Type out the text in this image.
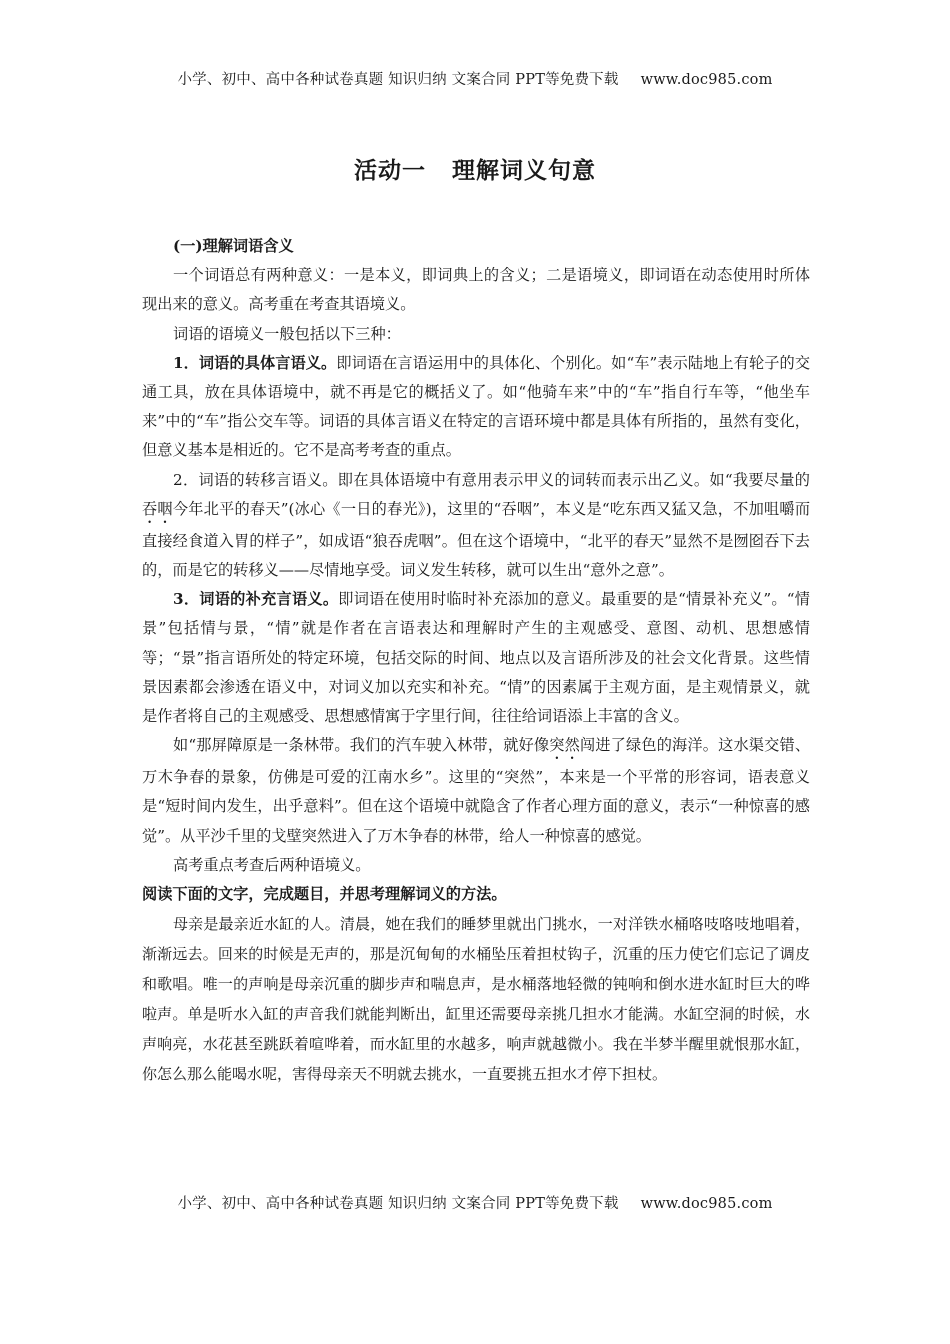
小学、初中、高中各种试卷真题 知识归纳 文案合同 PPT等免费下载 www.doc985.com
活动一 理解词义句意

(一)理解词语含义

一个词语总有两种意义：一是本义，即词典上的含义；二是语境义，即词语在动态使用时所体现出来的意义。高考重在考查其语境义。

词语的语境义一般包括以下三种：

1．词语的具体言语义。即词语在言语运用中的具体化、个别化。如“车”表示陆地上有轮子的交通工具，放在具体语境中，就不再是它的概括义了。如“他骑车来”中的“车”指自行车等，“他坐车来”中的“车”指公交车等。词语的具体言语义在特定的言语环境中都是具体有所指的，虽然有变化，但意义基本是相近的。它不是高考考查的重点。

2．词语的转移言语义。即在具体语境中有意用表示甲义的词转而表示出乙义。如“我要尽量的吞咽今年北平的春天”(冰心《一日的春光》)，这里的“吞咽”，本义是“吃东西又猛又急，不加咀嚼而直接经食道入胃的样子”，如成语“狼吞虎咽”。但在这个语境中，“北平的春天”显然不是囫囵吞下去的，而是它的转移义——尽情地享受。词义发生转移，就可以生出“意外之意”。

3．词语的补充言语义。即词语在使用时临时补充添加的意义。最重要的是“情景补充义”。“情景”包括情与景，“情”就是作者在言语表达和理解时产生的主观感受、意图、动机、思想感情等；“景”指言语所处的特定环境，包括交际的时间、地点以及言语所涉及的社会文化背景。这些情景因素都会渗透在语义中，对词义加以充实和补充。“情”的因素属于主观方面，是主观情景义，就是作者将自己的主观感受、思想感情寓于字里行间，往往给词语添上丰富的含义。

如“那屏障原是一条林带。我们的汽车驶入林带，就好像突然闯进了绿色的海洋。这水渠交错、万木争春的景象，仿佛是可爱的江南水乡”。这里的“突然”，本来是一个平常的形容词，语表意义是“短时间内发生，出乎意料”。但在这个语境中就隐含了作者心理方面的意义，表示“一种惊喜的感觉”。从平沙千里的戈壁突然进入了万木争春的林带，给人一种惊喜的感觉。

高考重点考查后两种语境义。

阅读下面的文字，完成题目，并思考理解词义的方法。

母亲是最亲近水缸的人。清晨，她在我们的睡梦里就出门挑水，一对洋铁水桶咯吱咯吱地唱着，渐渐远去。回来的时候是无声的，那是沉甸甸的水桶坠压着担杖钩子，沉重的压力使它们忘记了调皮和歌唱。唯一的声响是母亲沉重的脚步声和喘息声，是水桶落地轻微的钝响和倒水进水缸时巨大的哗啦声。单是听水入缸的声音我们就能判断出，缸里还需要母亲挑几担水才能满。水缸空洞的时候，水声响亮，水花甚至跳跃着喧哗着，而水缸里的水越多，响声就越微小。我在半梦半醒里就恨那水缸，你怎么那么能喝水呢，害得母亲天不明就去挑水，一直要挑五担水才停下担杖。

小学、初中、高中各种试卷真题 知识归纳 文案合同 PPT等免费下载 www.doc985.com
